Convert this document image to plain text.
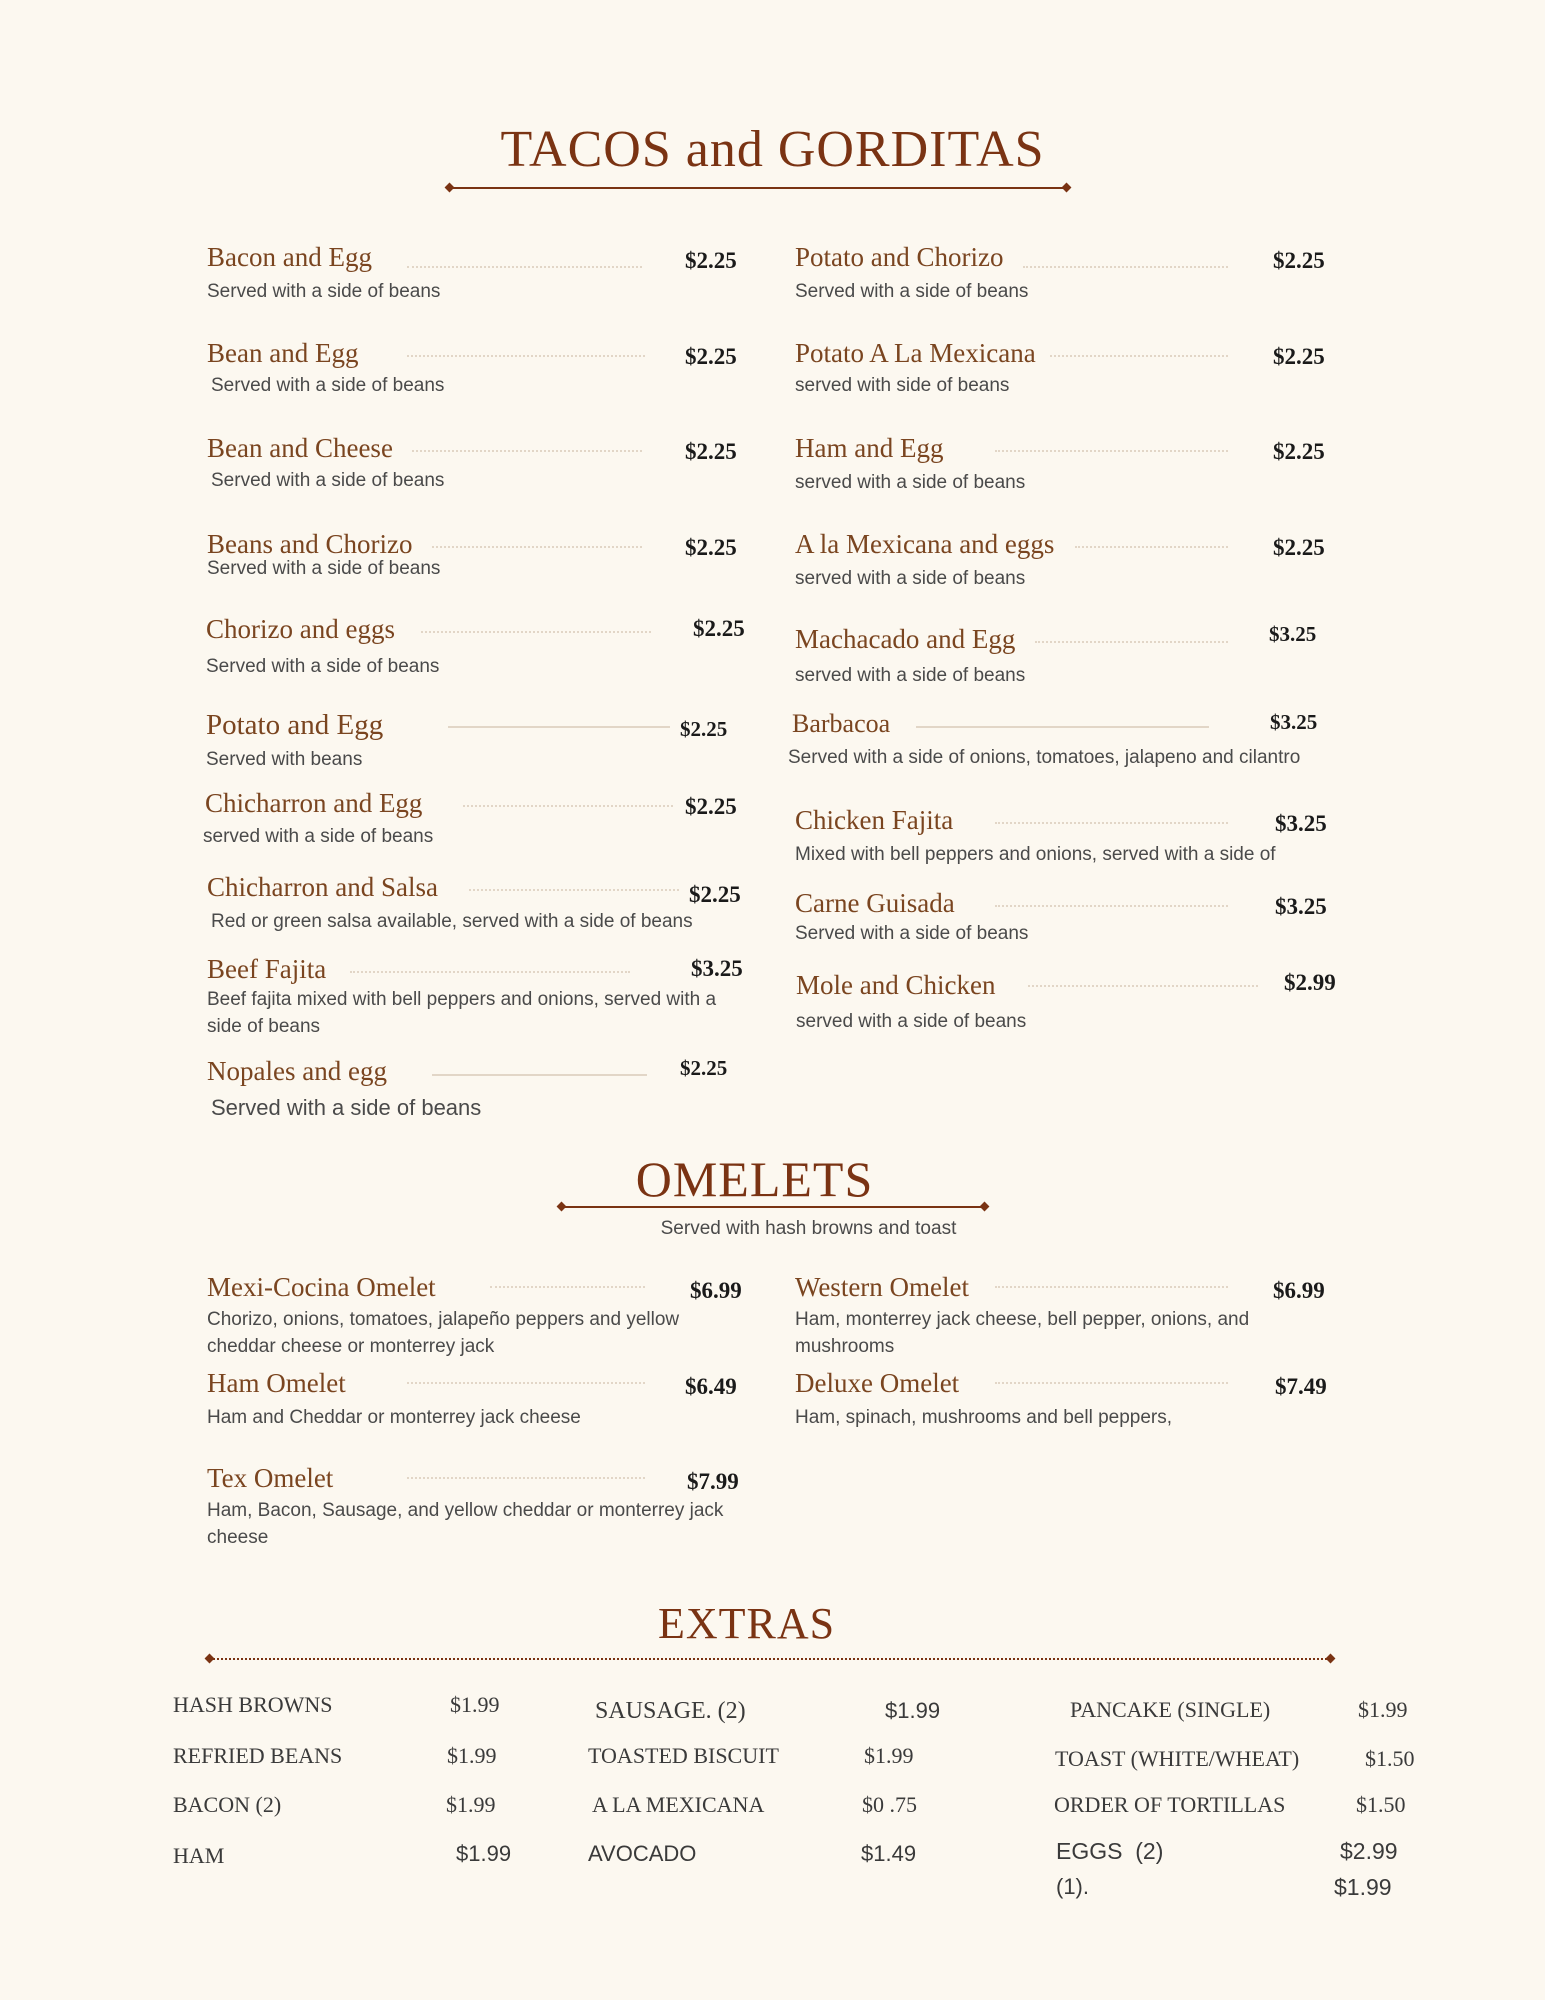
TACOS and GORDITAS
Bacon and Egg	$2.25
Served with a side of beans
Bean and Egg	$2.25
Served with a side of beans
Bean and Cheese	$2.25
Served with a side of beans
Beans and Chorizo	$2.25
Served with a side of beans
Chorizo and eggs	$2.25
Served with a side of beans
Potato and Egg	$2.25
Served with beans
Chicharron and Egg	$2.25
served with a side of beans
Chicharron and Salsa	$2.25
Red or green salsa available, served with a side of beans
Beef Fajita	$3.25
Beef fajita mixed with bell peppers and onions, served with a side of beans
Nopales and egg	$2.25
Served with a side of beans
Potato and Chorizo	$2.25
Served with a side of beans
Potato A La Mexicana	$2.25
served with side of beans
Ham and Egg	$2.25
served with a side of beans
A la Mexicana and eggs	$2.25
served with a side of beans
Machacado and Egg	$3.25
served with a side of beans
Barbacoa	$3.25
Served with a side of onions, tomatoes, jalapeno and cilantro
Chicken Fajita	$3.25
Mixed with bell peppers and onions, served with a side of
Carne Guisada	$3.25
Served with a side of beans
Mole and Chicken	$2.99
served with a side of beans
OMELETS
Served with hash browns and toast
Mexi-Cocina Omelet	$6.99
Chorizo, onions, tomatoes, jalapeño peppers and yellow cheddar cheese or monterrey jack
Ham Omelet	$6.49
Ham and Cheddar or monterrey jack cheese
Tex Omelet	$7.99
Ham, Bacon, Sausage, and yellow cheddar or monterrey jack cheese
Western Omelet	$6.99
Ham, monterrey jack cheese, bell pepper, onions, and mushrooms
Deluxe Omelet	$7.49
Ham, spinach, mushrooms and bell peppers,
EXTRAS
HASH BROWNS	$1.99
REFRIED BEANS	$1.99
BACON (2)	$1.99
HAM	$1.99
SAUSAGE. (2)	$1.99
TOASTED BISCUIT	$1.99
A LA MEXICANA	$0 .75
AVOCADO	$1.49
PANCAKE (SINGLE)	$1.99
TOAST (WHITE/WHEAT)	$1.50
ORDER OF TORTILLAS	$1.50
EGGS  (2)	$2.99
(1).	$1.99
